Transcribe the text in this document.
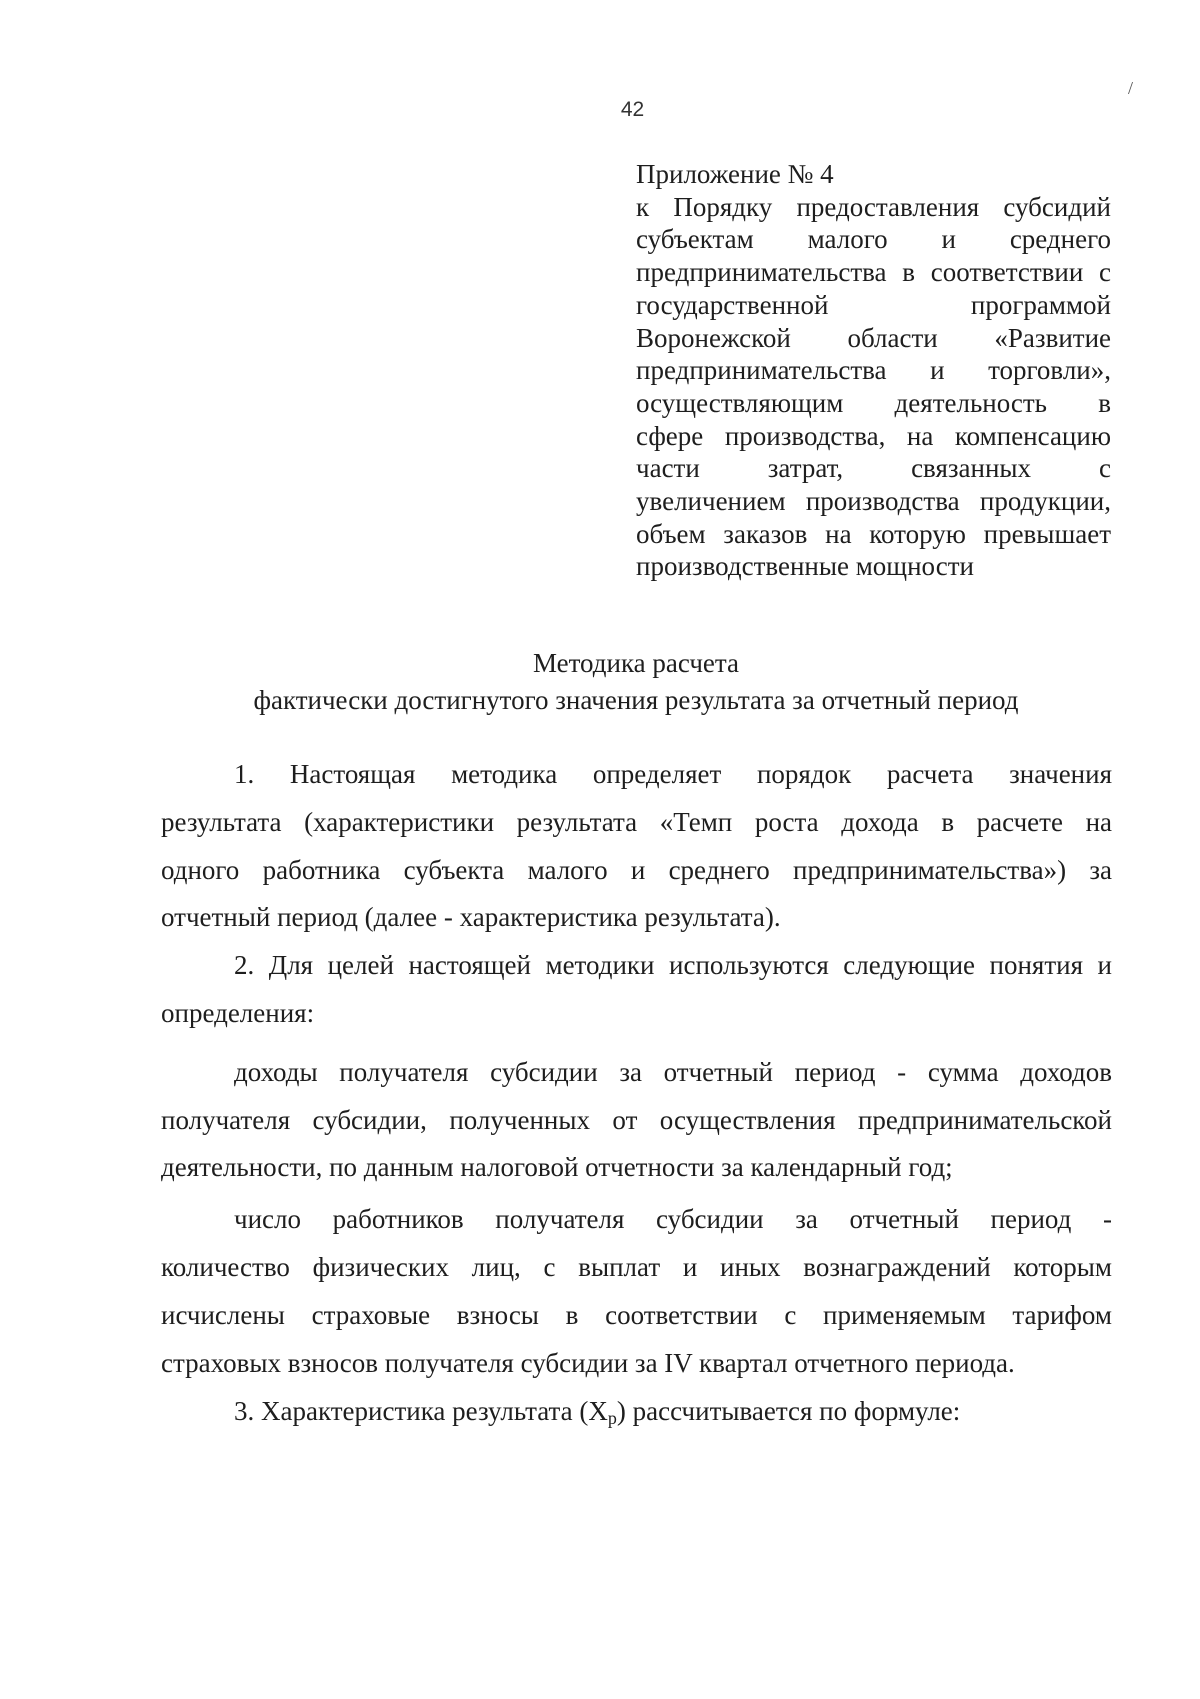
42
/
Приложение № 4
к Порядку предоставления субсидий
субъектам малого и среднего
предпринимательства в соответствии с
государственной программой
Воронежской области «Развитие
предпринимательства и торговли»,
осуществляющим деятельность в
сфере производства, на компенсацию
части затрат, связанных с
увеличением производства продукции,
объем заказов на которую превышает
производственные мощности
Методика расчета
фактически достигнутого значения результата за отчетный период
1. Настоящая методика определяет порядок расчета значения
результата (характеристики результата «Темп роста дохода в расчете на
одного работника субъекта малого и среднего предпринимательства») за
отчетный период (далее - характеристика результата).
2. Для целей настоящей методики используются следующие понятия и
определения:
доходы получателя субсидии за отчетный период - сумма доходов
получателя субсидии, полученных от осуществления предпринимательской
деятельности, по данным налоговой отчетности за календарный год;
число работников получателя субсидии за отчетный период -
количество физических лиц, с выплат и иных вознаграждений которым
исчислены страховые взносы в соответствии с применяемым тарифом
страховых взносов получателя субсидии за IV квартал отчетного периода.
3. Характеристика результата $(X_р)$ рассчитывается по формуле:
